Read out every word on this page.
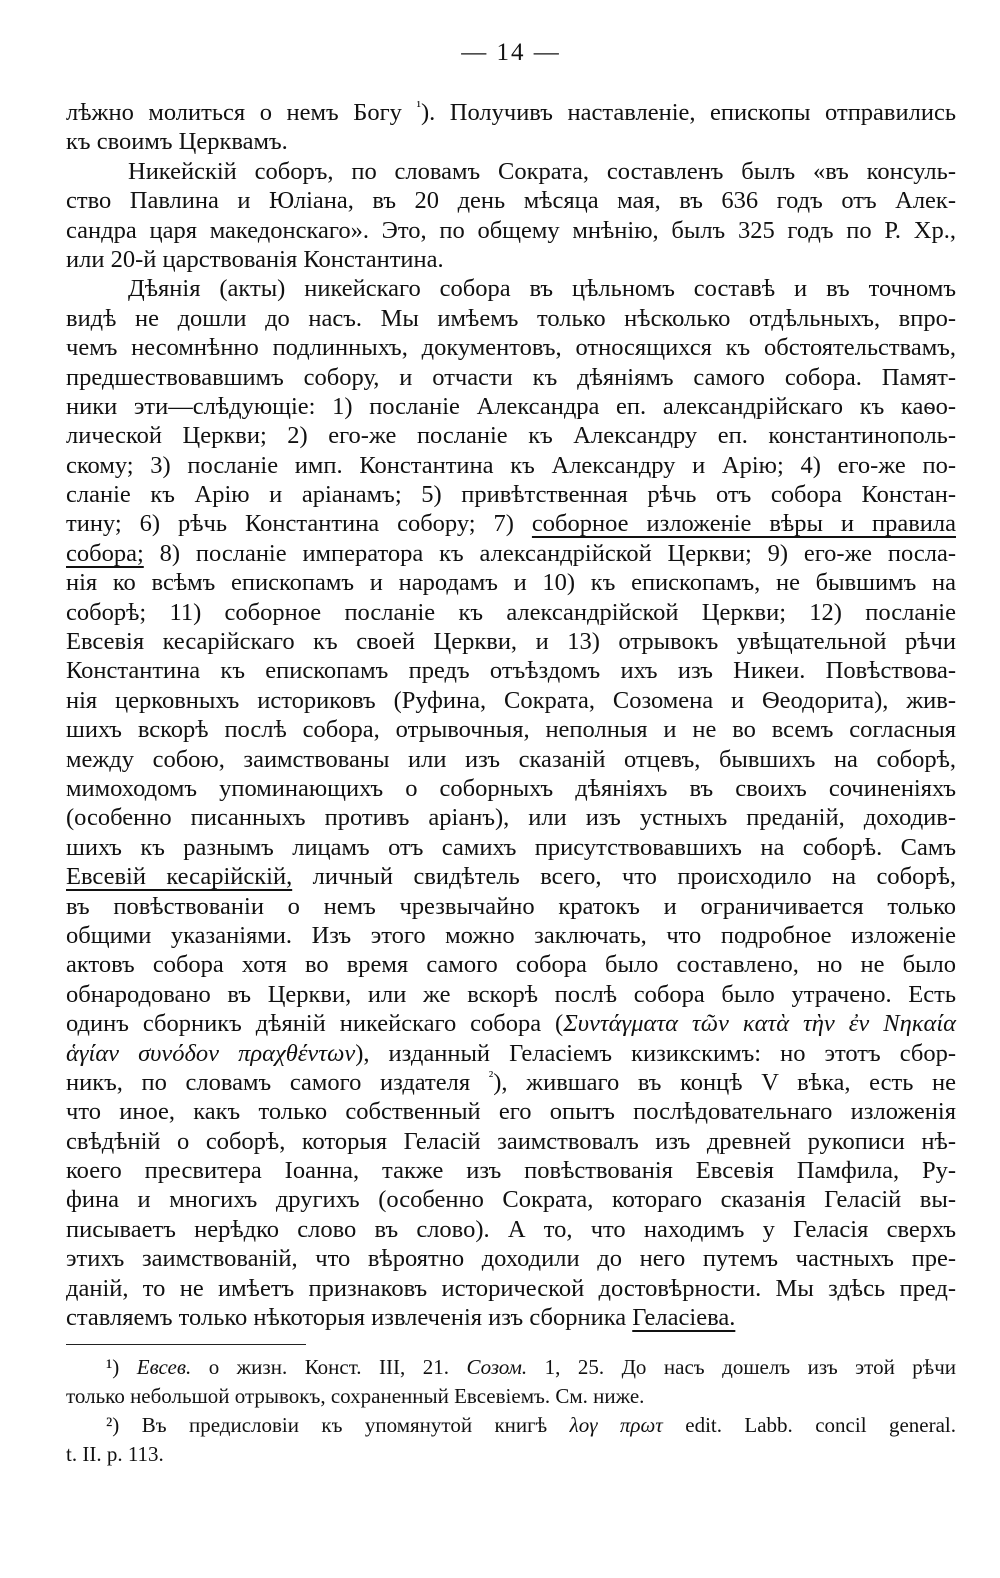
— 14 —
лѣжно молиться о немъ Богу $^{^1}$). Получивъ наставленіе, епископы отправились
къ своимъ Церквамъ.
Никейскій соборъ, по словамъ Сократа, составленъ былъ «въ консуль-
ство Павлина и Юліана, въ 20 день мѣсяца мая, въ 636 годъ отъ Алек-
сандра царя македонскаго». Это, по общему мнѣнію, былъ 325 годъ по Р. Хр.,
или 20-й царствованія Константина.
Дѣянія (акты) никейскаго собора въ цѣльномъ составѣ и въ точномъ
видѣ не дошли до насъ. Мы имѣемъ только нѣсколько отдѣльныхъ, впро-
чемъ несомнѣнно подлинныхъ, документовъ, относящихся къ обстоятельствамъ,
предшествовавшимъ собору, и отчасти къ дѣяніямъ самого собора. Памят-
ники эти—слѣдующіе: 1) посланіе Александра еп. александрійскаго къ каѳо-
лической Церкви; 2) его-же посланіе къ Александру еп. константинополь-
скому; 3) посланіе имп. Константина къ Александру и Арію; 4) его-же по-
сланіе къ Арію и аріанамъ; 5) привѣтственная рѣчь отъ собора Констан-
тину; 6) рѣчь Константина собору; 7) соборное изложеніе вѣры и правила
собора; 8) посланіе императора къ александрійской Церкви; 9) его-же посла-
нія ко всѣмъ епископамъ и народамъ и 10) къ епископамъ, не бывшимъ на
соборѣ; 11) соборное посланіе къ александрійской Церкви; 12) посланіе
Евсевія кесарійскаго къ своей Церкви, и 13) отрывокъ увѣщательной рѣчи
Константина къ епископамъ предъ отъѣздомъ ихъ изъ Никеи. Повѣствова-
нія церковныхъ историковъ (Руфина, Сократа, Созомена и Ѳеодорита), жив-
шихъ вскорѣ послѣ собора, отрывочныя, неполныя и не во всемъ согласныя
между собою, заимствованы или изъ сказаній отцевъ, бывшихъ на соборѣ,
мимоходомъ упоминающихъ о соборныхъ дѣяніяхъ въ своихъ сочиненіяхъ
(особенно писанныхъ противъ аріанъ), или изъ устныхъ преданій, доходив-
шихъ къ разнымъ лицамъ отъ самихъ присутствовавшихъ на соборѣ. Самъ
Евсевій кесарійскій, личный свидѣтель всего, что происходило на соборѣ,
въ повѣствованіи о немъ чрезвычайно кратокъ и ограничивается только
общими указаніями. Изъ этого можно заключать, что подробное изложеніе
актовъ собора хотя во время самого собора было составлено, но не было
обнародовано въ Церкви, или же вскорѣ послѣ собора было утрачено. Есть
одинъ сборникъ дѣяній никейскаго собора (Συντάγματα τῶν κατὰ τὴν ἐν Νηκαία
ἁγίαν συνόδον πραχθέντων), изданный Геласіемъ кизикскимъ: но этотъ сбор-
никъ, по словамъ самого издателя $^{^2}$), жившаго въ концѣ V вѣка, есть не
что иное, какъ только собственный его опытъ послѣдовательнаго изложенія
свѣдѣній о соборѣ, которыя Геласій заимствовалъ изъ древней рукописи нѣ-
коего пресвитера Іоанна, также изъ повѣствованія Евсевія Памфила, Ру-
фина и многихъ другихъ (особенно Сократа, котораго сказанія Геласій вы-
писываетъ нерѣдко слово въ слово). А то, что находимъ у Геласія сверхъ
этихъ заимствованій, что вѣроятно доходили до него путемъ частныхъ пре-
даній, то не имѣетъ признаковъ исторической достовѣрности. Мы здѣсь пред-
ставляемъ только нѣкоторыя извлеченія изъ сборника Геласіева.
¹) Евсев. о жизн. Конст. III, 21. Созом. 1, 25. До насъ дошелъ изъ этой рѣчи
только небольшой отрывокъ, сохраненный Евсевіемъ. См. ниже.
²) Въ предисловіи къ упомянутой книгѣ λογ πρωτ edit. Labb. concil general.
t. II. p. 113.
